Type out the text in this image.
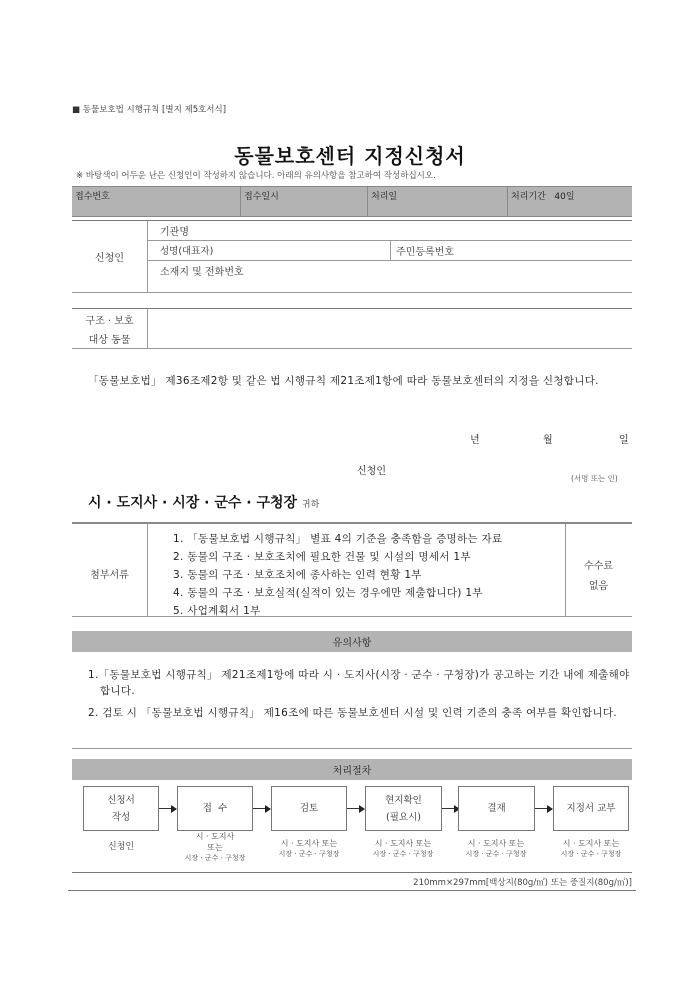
■ 동물보호법 시행규칙 [별지 제5호서식]
동물보호센터 지정신청서
※ 바탕색이 어두운 난은 신청인이 작성하지 않습니다. 아래의 유의사항을 참고하여 작성하십시오.
접수번호	접수일시	처리일	처리기간 40일
신청인
기관명
성명(대표자)	주민등록번호
소재지 및 전화번호
구조 · 보호
대상 동물
「동물보호법」 제36조제2항 및 같은 법 시행규칙 제21조제1항에 따라 동물보호센터의 지정을 신청합니다.
년	월	일
신청인
(서명 또는 인)
시 · 도지사 · 시장 · 군수 · 구청장 귀하
첨부서류
1. 「동물보호법 시행규칙」 별표 4의 기준을 충족함을 증명하는 자료
2. 동물의 구조 · 보호조치에 필요한 건물 및 시설의 명세서 1부
3. 동물의 구조 · 보호조치에 종사하는 인력 현황 1부
4. 동물의 구조 · 보호실적(실적이 있는 경우에만 제출합니다) 1부
5. 사업계획서 1부
수수료
없음
유의사항
1.「동물보호법 시행규칙」 제21조제1항에 따라 시 · 도지사(시장 · 군수 · 구청장)가 공고하는 기간 내에 제출해야 합니다.
2. 검토 시 「동물보호법 시행규칙」 제16조에 따른 동물보호센터 시설 및 인력 기준의 충족 여부를 확인합니다.
처리절차
신청서
작성
접  수	검토
현지확인
(필요시)
결재	지정서 교부
신청인
시 · 도지사
또는
시장 · 군수 · 구청장
시 · 도지사 또는
시장 · 군수 · 구청장
시 · 도지사 또는
시장 · 군수 · 구청장
시 · 도지사 또는
시장 · 군수 · 구청장
시 · 도지사 또는
시장 · 군수 · 구청장
210mm×297mm[백상지(80g/㎡) 또는 중질지(80g/㎡)]
